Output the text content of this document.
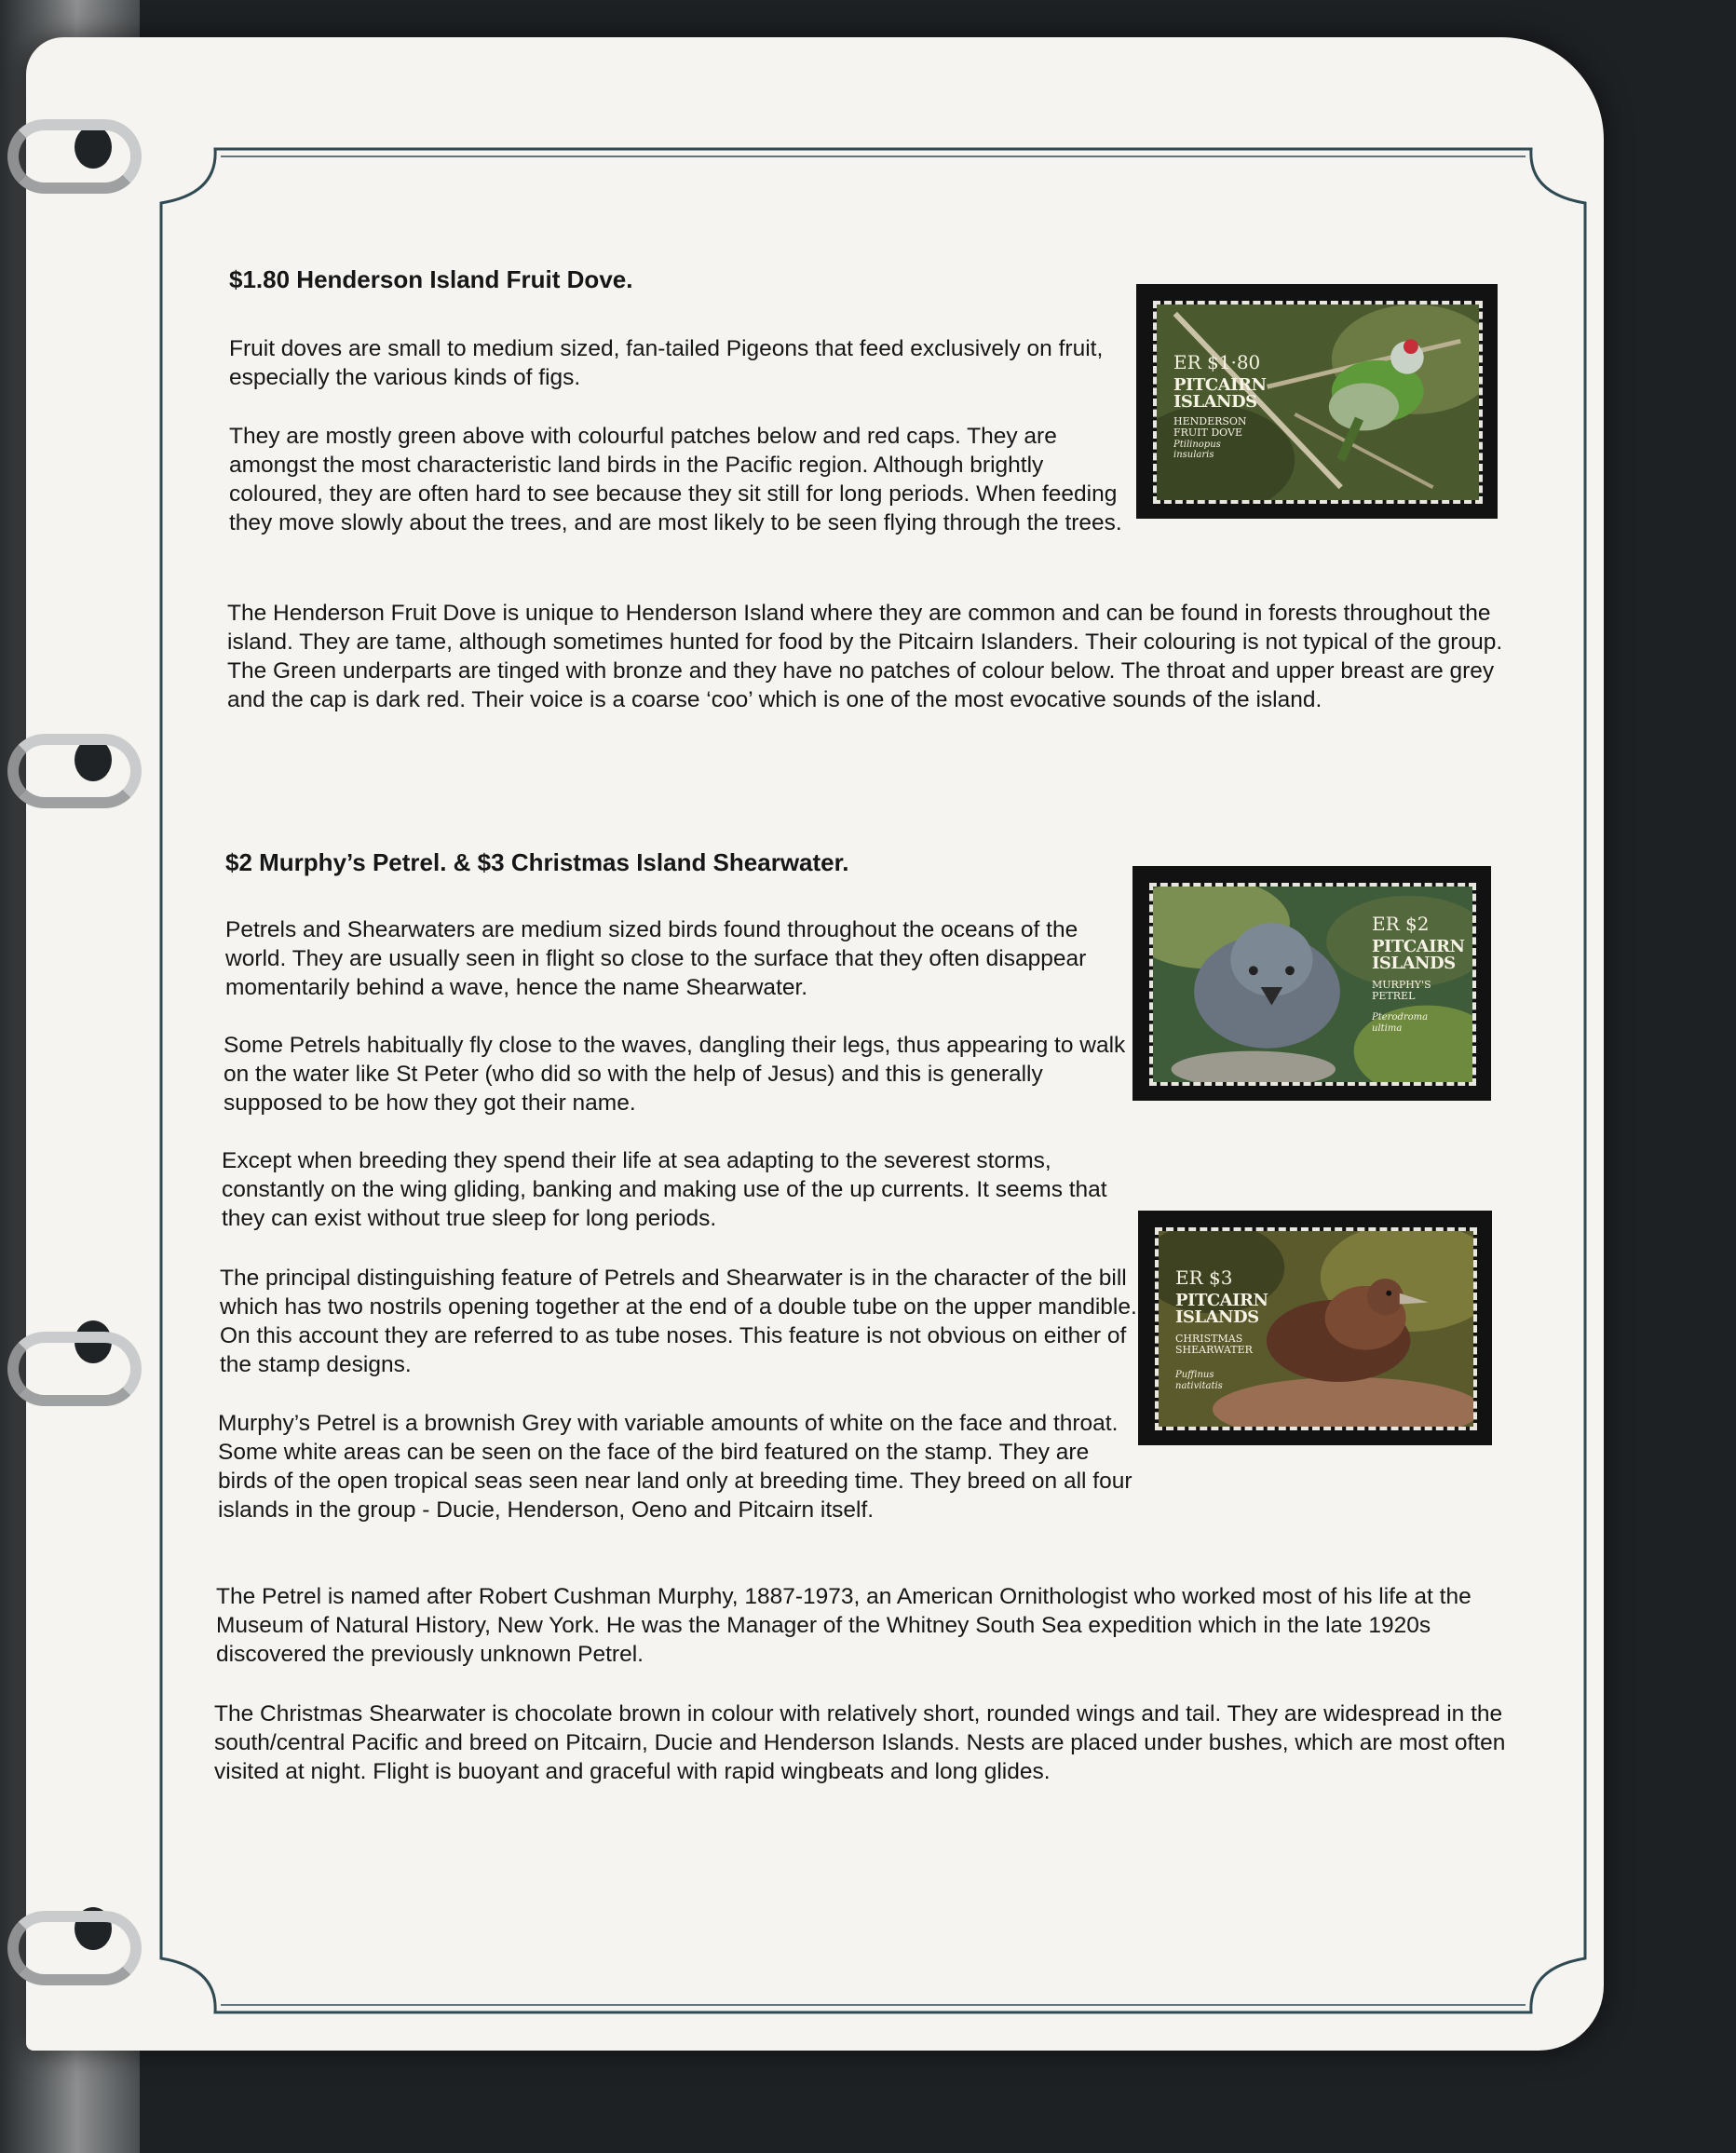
$1.80 Henderson Island Fruit Dove.

Fruit doves are small to medium sized, fan-tailed Pigeons that feed exclusively on fruit, especially the various kinds of figs.

They are mostly green above with colourful patches below and red caps. They are amongst the most characteristic land birds in the Pacific region. Although brightly coloured, they are often hard to see because they sit still for long periods. When feeding they move slowly about the trees, and are most likely to be seen flying through the trees.

The Henderson Fruit Dove is unique to Henderson Island where they are common and can be found in forests throughout the island. They are tame, although sometimes hunted for food by the Pitcairn Islanders. Their colouring is not typical of the group. The Green underparts are tinged with bronze and they have no patches of colour below. The throat and upper breast are grey and the cap is dark red. Their voice is a coarse ‘coo’ which is one of the most evocative sounds of the island.

$2 Murphy’s Petrel. & $3 Christmas Island Shearwater.

Petrels and Shearwaters are medium sized birds found throughout the oceans of the world. They are usually seen in flight so close to the surface that they often disappear momentarily behind a wave, hence the name Shearwater.

Some Petrels habitually fly close to the waves, dangling their legs, thus appearing to walk on the water like St Peter (who did so with the help of Jesus) and this is generally supposed to be how they got their name.

Except when breeding they spend their life at sea adapting to the severest storms, constantly on the wing gliding, banking and making use of the up currents. It seems that they can exist without true sleep for long periods.

The principal distinguishing feature of Petrels and Shearwater is in the character of the bill which has two nostrils opening together at the end of a double tube on the upper mandible. On this account they are referred to as tube noses. This feature is not obvious on either of the stamp designs.

Murphy’s Petrel is a brownish Grey with variable amounts of white on the face and throat. Some white areas can be seen on the face of the bird featured on the stamp. They are birds of the open tropical seas seen near land only at breeding time. They breed on all four islands in the group - Ducie, Henderson, Oeno and Pitcairn itself.

The Petrel is named after Robert Cushman Murphy, 1887-1973, an American Ornithologist who worked most of his life at the Museum of Natural History, New York. He was the Manager of the Whitney South Sea expedition which in the late 1920s discovered the previously unknown Petrel.

The Christmas Shearwater is chocolate brown in colour with relatively short, rounded wings and tail. They are widespread in the south/central Pacific and breed on Pitcairn, Ducie and Henderson Islands. Nests are placed under bushes, which are most often visited at night. Flight is buoyant and graceful with rapid wingbeats and long glides.

ER $1·80
PITCAIRN
ISLANDS
HENDERSON
FRUIT DOVE
Ptilinopus
insularis
ER $2
PITCAIRN
ISLANDS
MURPHY'S
PETREL
Pterodroma
ultima
ER $3
PITCAIRN
ISLANDS
CHRISTMAS
SHEARWATER
Puffinus
nativitatis
